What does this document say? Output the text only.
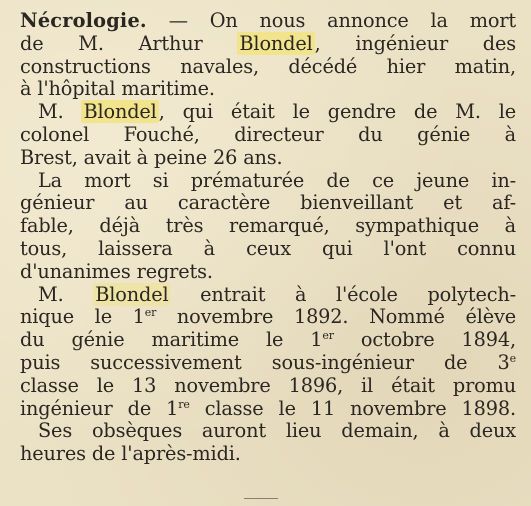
Nécrologie. — On nous annonce la mort
de M. Arthur Blondel , ingénieur des
constructions navales, décédé hier matin,
à l'hôpital maritime.
M. Blondel , qui était le gendre de M. le
colonel Fouché, directeur du génie à
Brest, avait à peine 26 ans.
La mort si prématurée de ce jeune in-
génieur au caractère bienveillant et af-
fable, déjà très remarqué, sympathique à
tous, laissera à ceux qui l'ont connu
d'unanimes regrets.
M. Blondel entrait à l'école polytech-
nique le 1er novembre 1892. Nommé élève
du génie maritime le 1er octobre 1894,
puis successivement sous-ingénieur de 3e
classe le 13 novembre 1896, il était promu
ingénieur de 1re classe le 11 novembre 1898.
Ses obsèques auront lieu demain, à deux
heures de l'après-midi.
